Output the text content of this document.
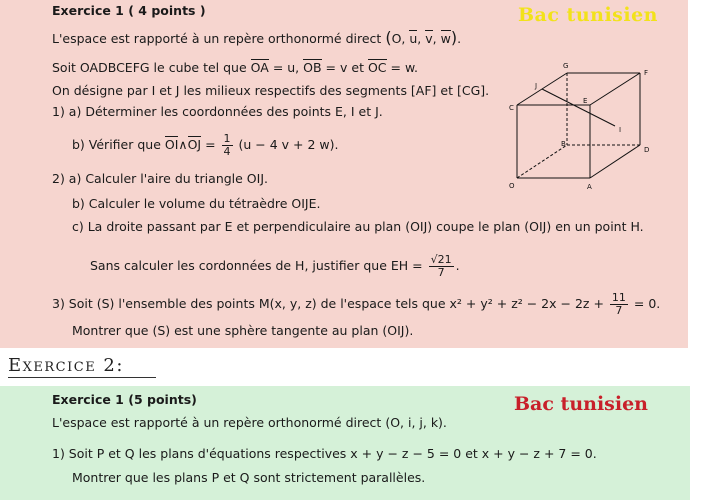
Exercice 1 ( 4 points )	Bac tunisien
L'espace est rapporté à un repère orthonormé direct (O, u, v, w).
Soit OADBCEFG le cube tel que OA = u, OB = v et OC = w.
On désigne par I et J les milieux respectifs des segments [AF] et [CG].
1) a) Déterminer les coordonnées des points E, I et J.
b) Vérifier que OI∧OJ = $\frac{1}{4} (u - 4$ v + 2 w).
2) a) Calculer l'aire du triangle OIJ.
b) Calculer le volume du tétraèdre OIJE.
c) La droite passant par E et perpendiculaire au plan (OIJ) coupe le plan (OIJ) en un point H.
Sans calculer les cordonnées de H, justifier que EH = $\frac{√21}{7}$ .
3) Soit (S) l'ensemble des points M(x, y, z) de l'espace tels que $x^2 + y^2 + z^2 - 2x - 2z + \frac{11}{7} = 0$.
Montrer que (S) est une sphère tangente au plan (OIJ).
G
F
J
E
C
I
B
D
O	A
Exercice 2:
Exercice 1 (5 points)
L'espace est rapporté à un repère orthonormé direct (O, i, j, k).
1) Soit P et Q les plans d'équations respectives x + y − z − 5 = 0 et x + y − z + 7 = 0.
Montrer que les plans P et Q sont strictement parallèles.
Bac tunisien
